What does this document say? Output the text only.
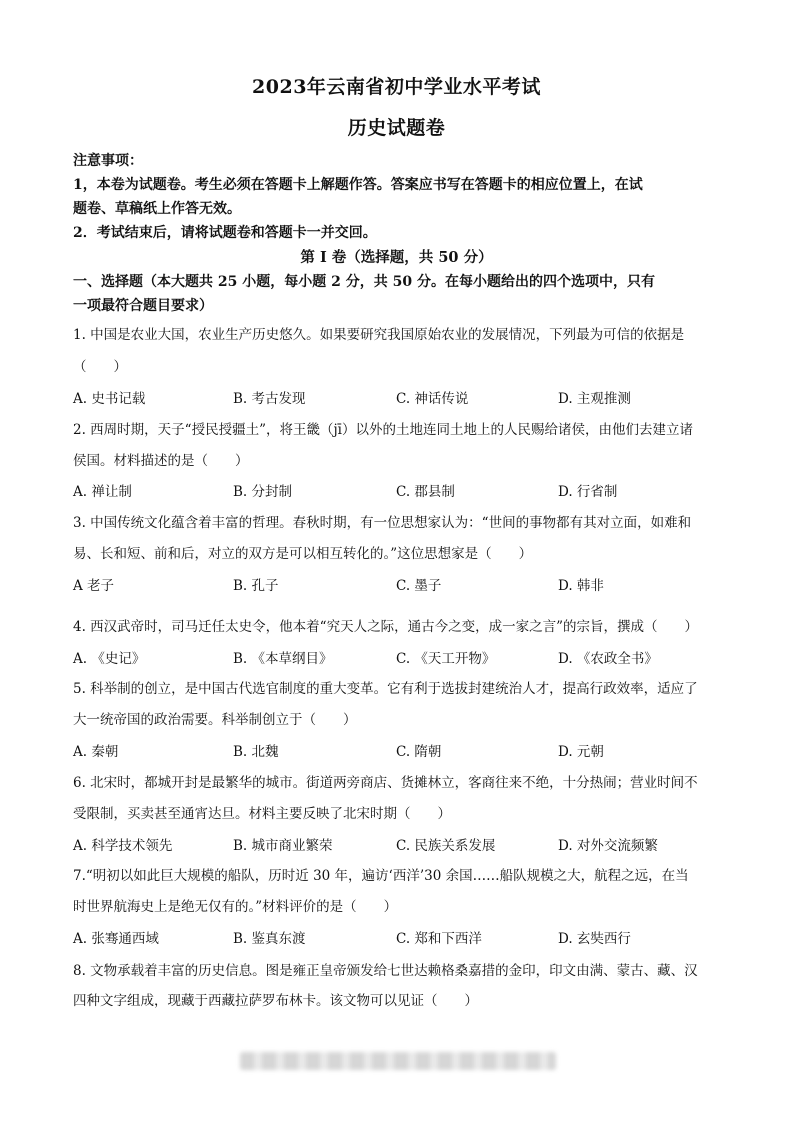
2023年云南省初中学业水平考试
历史试题卷
注意事项：
1，本卷为试题卷。考生必须在答题卡上解题作答。答案应书写在答题卡的相应位置上，在试
题卷、草稿纸上作答无效。
2．考试结束后，请将试题卷和答题卡一并交回。
第 I 卷（选择题，共 50 分）
一、选择题（本大题共 25 小题，每小题 2 分，共 50 分。在每小题给出的四个选项中，只有
一项最符合题目要求）
1. 中国是农业大国，农业生产历史悠久。如果要研究我国原始农业的发展情况，下列最为可信的依据是
（　　）
A. 史书记载	B. 考古发现	C. 神话传说	D. 主观推测
2. 西周时期，天子“授民授疆土”，将王畿（jī）以外的土地连同土地上的人民赐给诸侯，由他们去建立诸
侯国。材料描述的是（　　）
A. 禅让制	B. 分封制	C. 郡县制	D. 行省制
3. 中国传统文化蕴含着丰富的哲理。春秋时期，有一位思想家认为：“世间的事物都有其对立面，如难和
易、长和短、前和后，对立的双方是可以相互转化的。”这位思想家是（　　）
A 老子	B. 孔子	C. 墨子	D. 韩非
4. 西汉武帝时，司马迁任太史令，他本着“究天人之际，通古今之变，成一家之言”的宗旨，撰成（　　）
A. 《史记》	B. 《本草纲目》	C. 《天工开物》	D. 《农政全书》
5. 科举制的创立，是中国古代选官制度的重大变革。它有利于选拔封建统治人才，提高行政效率，适应了
大一统帝国的政治需要。科举制创立于（　　）
A. 秦朝	B. 北魏	C. 隋朝	D. 元朝
6. 北宋时，都城开封是最繁华的城市。街道两旁商店、货摊林立，客商往来不绝，十分热闹；营业时间不
受限制，买卖甚至通宵达旦。材料主要反映了北宋时期（　　）
A. 科学技术领先	B. 城市商业繁荣	C. 民族关系发展	D. 对外交流频繁
7.“明初以如此巨大规模的船队，历时近 30 年，遍访‘西洋’30 余国……船队规模之大，航程之远，在当
时世界航海史上是绝无仅有的。”材料评价的是（　　）
A. 张骞通西域	B. 鉴真东渡	C. 郑和下西洋	D. 玄奘西行
8. 文物承载着丰富的历史信息。图是雍正皇帝颁发给七世达赖格桑嘉措的金印，印文由满、蒙古、藏、汉
四种文字组成，现藏于西藏拉萨罗布林卡。该文物可以见证（　　）
